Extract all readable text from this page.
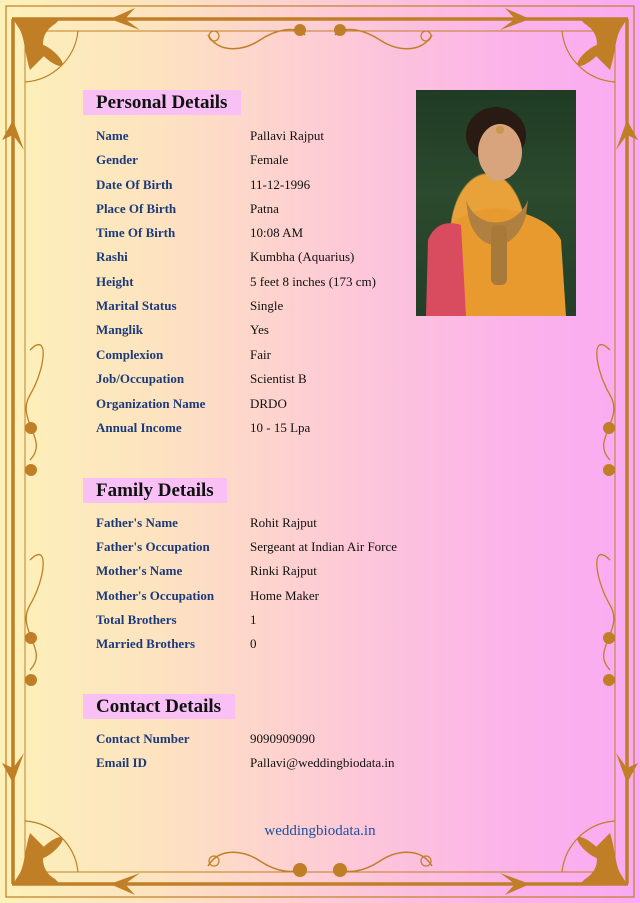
Personal Details
Name	Pallavi Rajput
Gender	Female
Date Of Birth	11-12-1996
Place Of Birth	Patna
Time Of Birth	10:08 AM
Rashi	Kumbha (Aquarius)
Height	5 feet 8 inches (173 cm)
Marital Status	Single
Manglik	Yes
Complexion	Fair
Job/Occupation	Scientist B
Organization Name	DRDO
Annual Income	10 - 15 Lpa
Family Details
Father's Name	Rohit Rajput
Father's Occupation	Sergeant at Indian Air Force
Mother's Name	Rinki Rajput
Mother's Occupation	Home Maker
Total Brothers	1
Married Brothers	0
Contact Details
Contact Number	9090909090
Email ID	Pallavi@weddingbiodata.in
weddingbiodata.in
